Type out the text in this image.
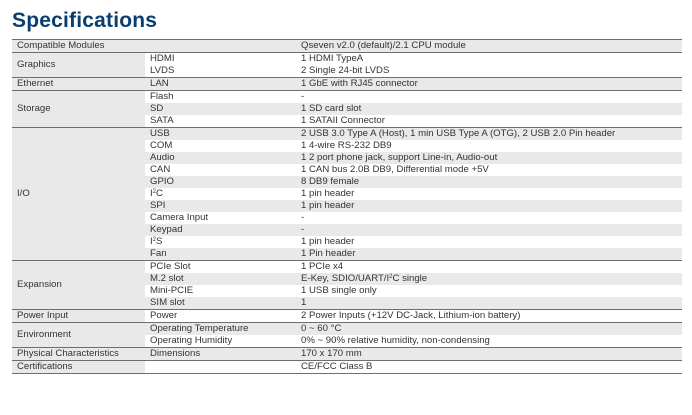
Specifications
Compatible Modules		Qseven v2.0 (default)/2.1 CPU module
Graphics	HDMI	1 HDMI TypeA
	LVDS	2 Single 24-bit LVDS
Ethernet	LAN	1 GbE with RJ45 connector
Storage	Flash	-
	SD	1 SD card slot
	SATA	1 SATAII Connector
I/O	USB	2 USB 3.0 Type A (Host), 1 min USB Type A (OTG), 2 USB 2.0 Pin header
	COM	1 4-wire RS-232 DB9
	Audio	1 2 port phone jack, support Line-in, Audio-out
	CAN	1 CAN bus 2.0B DB9, Differential mode +5V
	GPIO	8 DB9 female
	$I^2C$	1 pin header
	SPI	1 pin header
	Camera Input	-
	Keypad	-
	$I^2S$	1 pin header
	Fan	1 Pin header
Expansion	PCIe Slot	1 PCIe x4
	M.2 slot	E-Key, SDIO/$UART/I^2C$ single
	Mini-PCIE	1 USB single only
	SIM slot	1
Power Input	Power	2 Power Inputs (+12V DC-Jack, Lithium-ion battery)
Environment	Operating Temperature	0 ~ 60 °C
	Operating Humidity	0% ~ 90% relative humidity, non-condensing
Physical Characteristics	Dimensions	170 x 170 mm
Certifications		CE/FCC Class B
